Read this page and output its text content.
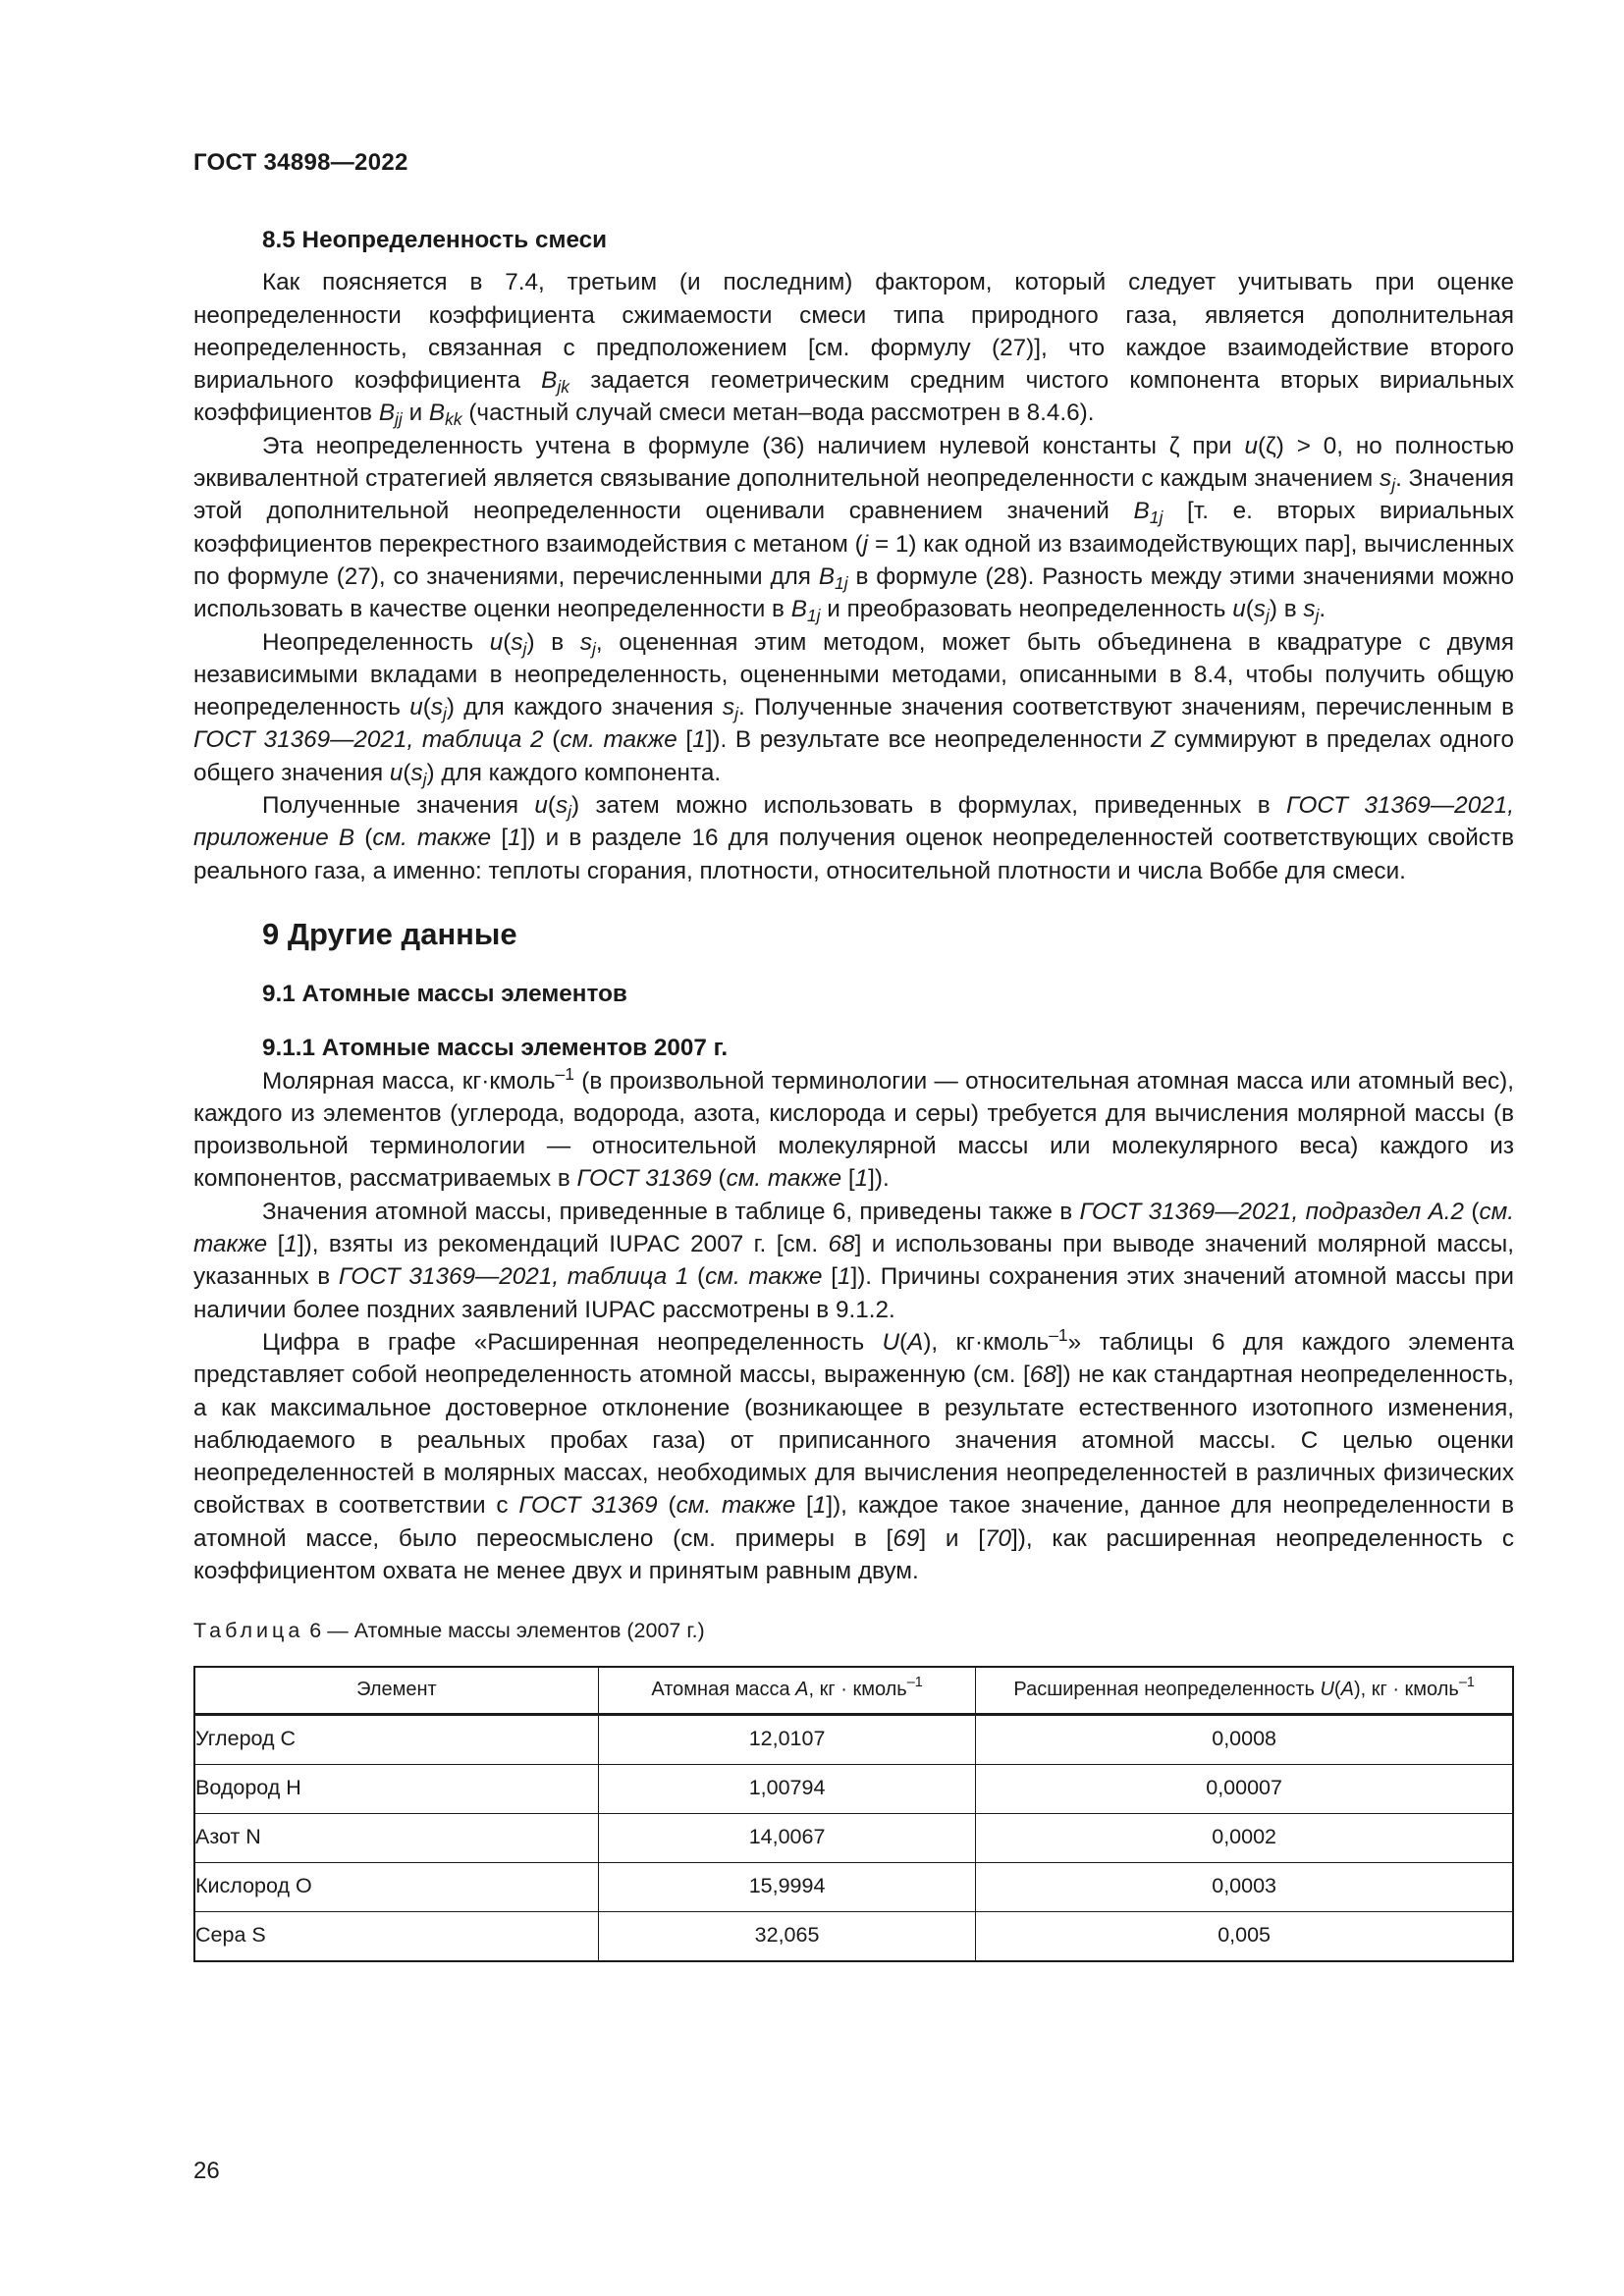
ГОСТ 34898—2022
8.5 Неопределенность смеси

Как поясняется в 7.4, третьим (и последним) фактором, который следует учитывать при оценке неопределенности коэффициента сжимаемости смеси типа природного газа, является дополнительная неопределенность, связанная с предположением [см. формулу (27)], что каждое взаимодействие второго вириального коэффициента $B_{jk}$ задается геометрическим средним чистого компонента вторых вириальных коэффициентов $B_{jj}$ и $B_{kk}$ (частный случай смеси метан–вода рассмотрен в 8.4.6).

Эта неопределенность учтена в формуле (36) наличием нулевой константы ζ при u(ζ) > 0, но полностью эквивалентной стратегией является связывание дополнительной неопределенности с каждым значением $s_j$. Значения этой дополнительной неопределенности оценивали сравнением значений $B_{1j}$ [т. е. вторых вириальных коэффициентов перекрестного взаимодействия с метаном (j = 1) как одной из взаимодействующих пар], вычисленных по формуле (27), со значениями, перечисленными для $B_{1j}$ в формуле (28). Разность между этими значениями можно использовать в качестве оценки неопределенности в $B_{1j}$ и преобразовать неопределенность $u(s_j)$ в $s_j$.

Неопределенность $u(s_j)$ в $s_j$, оцененная этим методом, может быть объединена в квадратуре с двумя независимыми вкладами в неопределенность, оцененными методами, описанными в 8.4, чтобы получить общую неопределенность $u(s_j)$ для каждого значения $s_j$. Полученные значения соответствуют значениям, перечисленным в ГОСТ 31369—2021, таблица 2 (см. также [1]). В результате все неопределенности Z суммируют в пределах одного общего значения $u(s_j)$ для каждого компонента.

Полученные значения $u(s_j)$ затем можно использовать в формулах, приведенных в ГОСТ 31369—2021, приложение В (см. также [1]) и в разделе 16 для получения оценок неопределенностей соответствующих свойств реального газа, а именно: теплоты сгорания, плотности, относительной плотности и числа Воббе для смеси.

9 Другие данные
9.1 Атомные массы элементов
9.1.1 Атомные массы элементов 2007 г.

Молярная масса, кг·кмоль$^{-1}$ (в произвольной терминологии — относительная атомная масса или атомный вес), каждого из элементов (углерода, водорода, азота, кислорода и серы) требуется для вычисления молярной массы (в произвольной терминологии — относительной молекулярной массы или молекулярного веса) каждого из компонентов, рассматриваемых в ГОСТ 31369 (см. также [1]).

Значения атомной массы, приведенные в таблице 6, приведены также в ГОСТ 31369—2021, подраздел А.2 (см. также [1]), взяты из рекомендаций IUPAC 2007 г. [см. 68] и использованы при выводе значений молярной массы, указанных в ГОСТ 31369—2021, таблица 1 (см. также [1]). Причины сохранения этих значений атомной массы при наличии более поздних заявлений IUPAC рассмотрены в 9.1.2.

Цифра в графе «Расширенная неопределенность U(A), кг·кмоль$^{-1}$» таблицы 6 для каждого элемента представляет собой неопределенность атомной массы, выраженную (см. [68]) не как стандартная неопределенность, а как максимальное достоверное отклонение (возникающее в результате естественного изотопного изменения, наблюдаемого в реальных пробах газа) от приписанного значения атомной массы. С целью оценки неопределенностей в молярных массах, необходимых для вычисления неопределенностей в различных физических свойствах в соответствии с ГОСТ 31369 (см. также [1]), каждое такое значение, данное для неопределенности в атомной массе, было переосмыслено (см. примеры в [69] и [70]), как расширенная неопределенность с коэффициентом охвата не менее двух и принятым равным двум.

Таблица 6 — Атомные массы элементов (2007 г.)
Элемент	Атомная масса A, кг · кмоль$^{-1}$	Расширенная неопределенность U(A), кг · кмоль$^{-1}$
Углерод С	12,0107	0,0008
Водород Н	1,00794	0,00007
Азот N	14,0067	0,0002
Кислород О	15,9994	0,0003
Сера S	32,065	0,005
26
